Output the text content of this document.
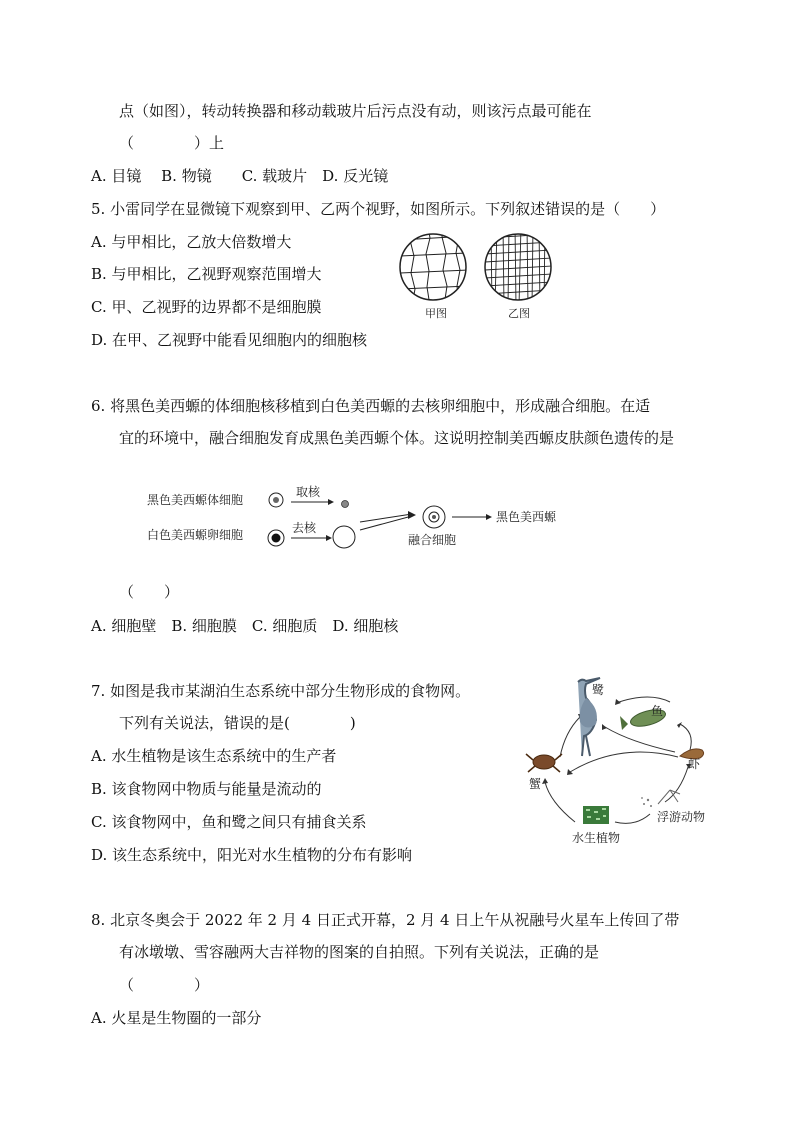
点（如图），转动转换器和移动载玻片后污点没有动，则该污点最可能在
（　　　　）上
A. 目镜　 B. 物镜　　C. 载玻片　D. 反光镜
5. 小雷同学在显微镜下观察到甲、乙两个视野，如图所示。下列叙述错误的是（　　）
A. 与甲相比，乙放大倍数增大
B. 与甲相比，乙视野观察范围增大
C. 甲、乙视野的边界都不是细胞膜
D. 在甲、乙视野中能看见细胞内的细胞核
甲图	乙图
6. 将黑色美西螈的体细胞核移植到白色美西螈的去核卵细胞中，形成融合细胞。在适
宜的环境中，融合细胞发育成黑色美西螈个体。这说明控制美西螈皮肤颜色遗传的是
黑色美西螈体细胞
取核
白色美西螈卵细胞	去核
融合细胞
黑色美西螈
（　　）
A. 细胞壁　B. 细胞膜　C. 细胞质　D. 细胞核
7. 如图是我市某湖泊生态系统中部分生物形成的食物网。
下列有关说法，错误的是(　　　　)
A. 水生植物是该生态系统中的生产者
B. 该食物网中物质与能量是流动的
C. 该食物网中，鱼和鹭之间只有捕食关系
D. 该生态系统中，阳光对水生植物的分布有影响
鹭
鱼
虾
蟹
水生植物
浮游动物
8. 北京冬奥会于 2022 年 2 月 4 日正式开幕，2 月 4 日上午从祝融号火星车上传回了带
有冰墩墩、雪容融两大吉祥物的图案的自拍照。下列有关说法，正确的是
（　　　　）
A. 火星是生物圈的一部分
